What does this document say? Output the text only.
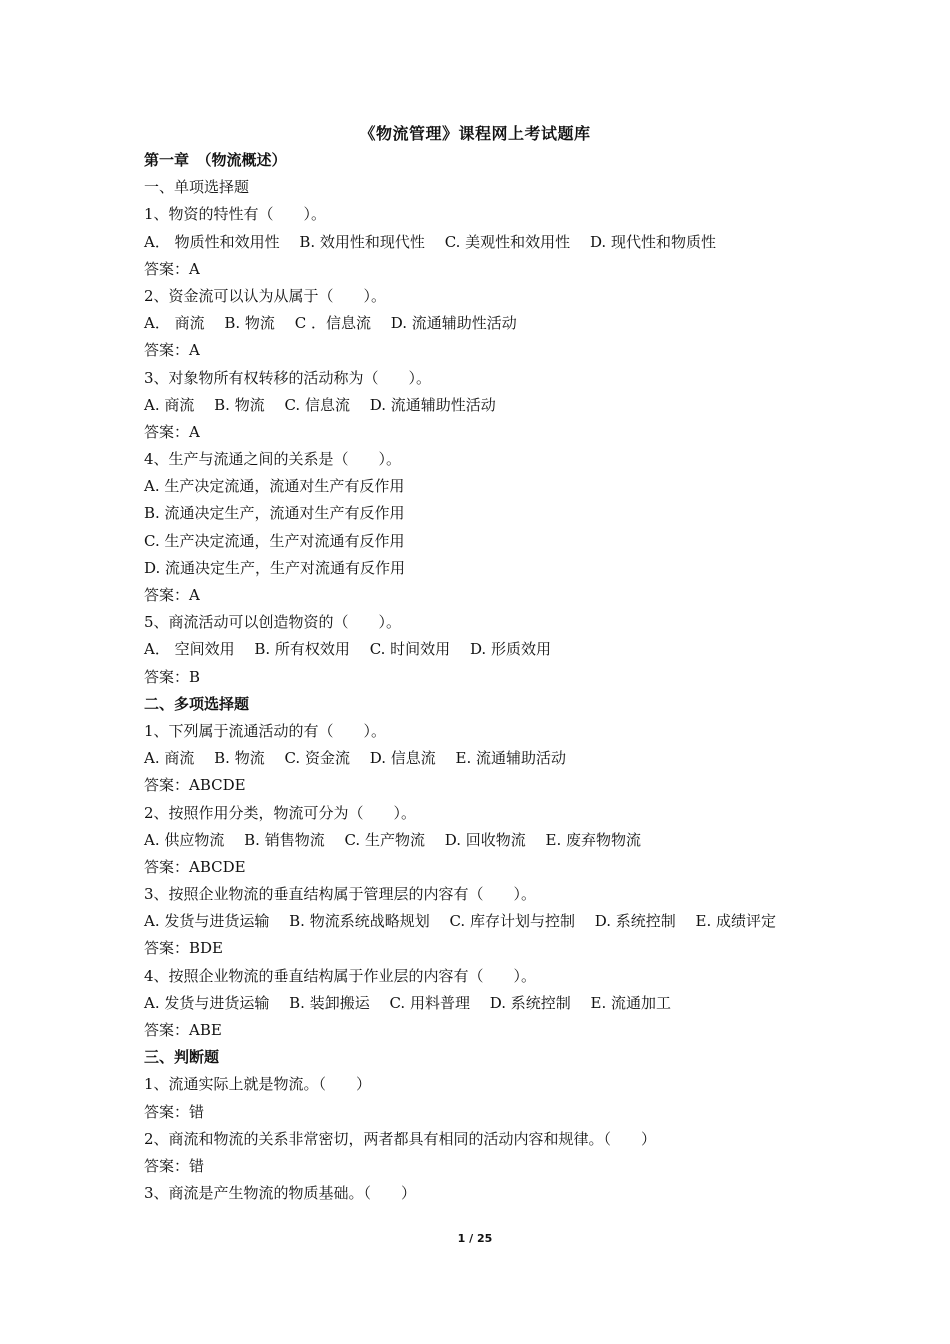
《物流管理》课程网上考试题库
第一章　（物流概述）
一、单项选择题
1、物资的特性有（　　）。
A． 物质性和效用性　 B. 效用性和现代性　 C. 美观性和效用性　 D. 现代性和物质性
答案：A
2、资金流可以认为从属于（　　）。
A． 商流　 B. 物流　 C ．信息流　 D. 流通辅助性活动
答案：A
3、对象物所有权转移的活动称为（　　）。
A. 商流　 B. 物流　 C. 信息流　 D. 流通辅助性活动
答案：A
4、生产与流通之间的关系是（　　）。
A. 生产决定流通，流通对生产有反作用
B. 流通决定生产，流通对生产有反作用
C. 生产决定流通，生产对流通有反作用
D. 流通决定生产，生产对流通有反作用
答案：A
5、商流活动可以创造物资的（　　）。
A． 空间效用　 B. 所有权效用　 C. 时间效用　 D. 形质效用
答案：B
二、多项选择题
1、下列属于流通活动的有（　　）。
A. 商流　 B. 物流　 C. 资金流　 D. 信息流　 E. 流通辅助活动
答案：ABCDE
2、按照作用分类，物流可分为（　　）。
A. 供应物流　 B. 销售物流　 C. 生产物流　 D. 回收物流　 E. 废弃物物流
答案：ABCDE
3、按照企业物流的垂直结构属于管理层的内容有（　　）。
A. 发货与进货运输　 B. 物流系统战略规划　 C. 库存计划与控制　 D. 系统控制　 E. 成绩评定
答案：BDE
4、按照企业物流的垂直结构属于作业层的内容有（　　）。
A. 发货与进货运输　 B. 装卸搬运　 C. 用料普理　 D. 系统控制　 E. 流通加工
答案：ABE
三、判断题
1、流通实际上就是物流。（　　）
答案：错
2、商流和物流的关系非常密切，两者都具有相同的活动内容和规律。（　　）
答案：错
3、商流是产生物流的物质基础。（　　）
1 / 25
